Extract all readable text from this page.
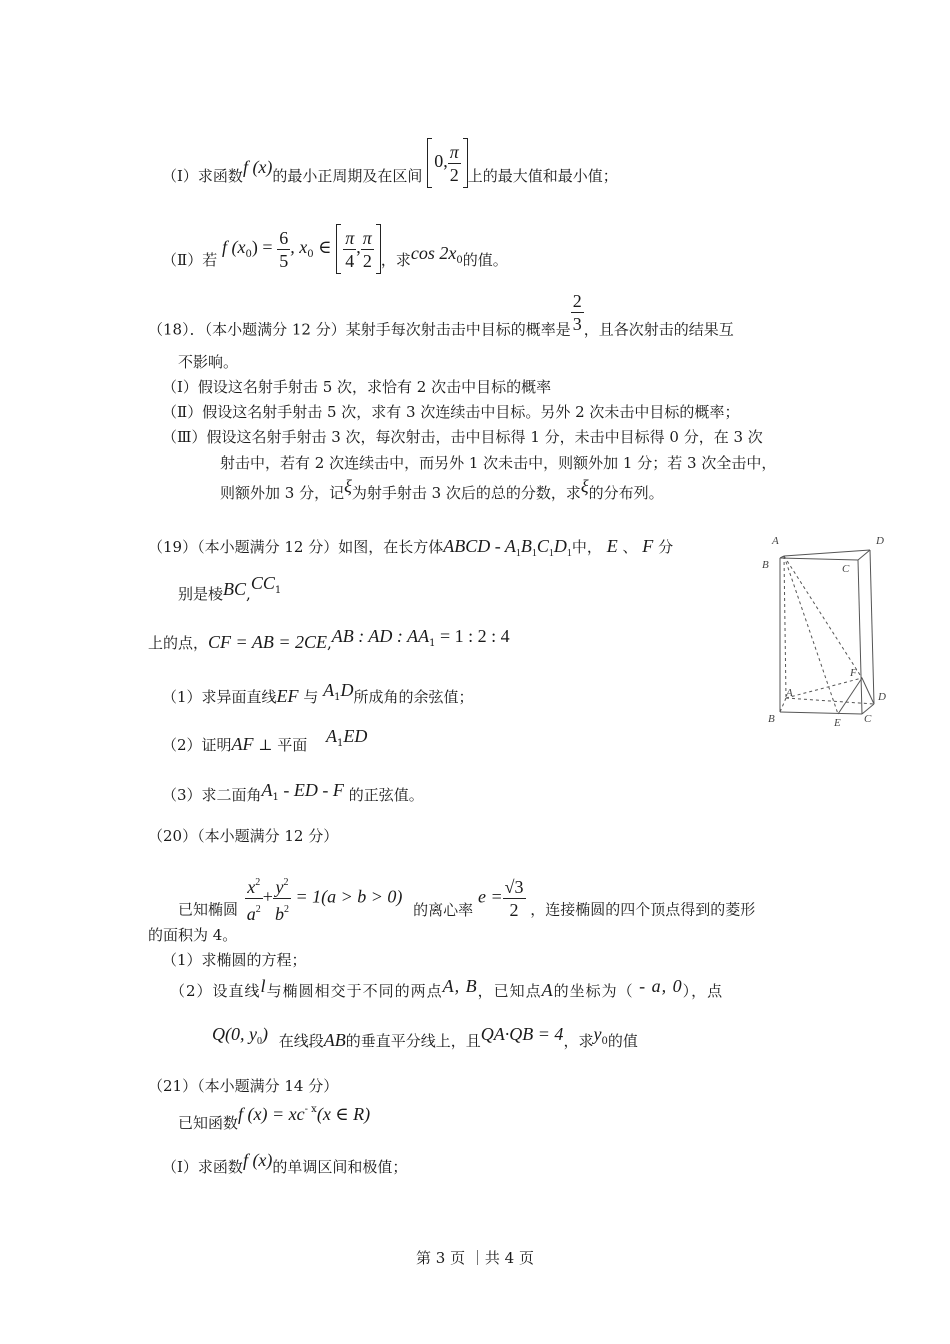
（Ⅰ）求函数f (x)的最小正周期及在区间 0, $\frac{\pi}{2}$ 上的最大值和最小值；
（Ⅱ）若 f $(x_0) = \frac{6}{5}$ , $x_0$ ∈ $\frac{\pi}{4}$ , $\frac{\pi}{2}$ ，求$\cos 2x_0$的值。
（18）．（本小题满分 12 分）某射手每次射击击中目标的概率是 $\frac{2}{3}$ ，且各次射击的结果互
不影响。
（Ⅰ）假设这名射手射击 5 次，求恰有 2 次击中目标的概率
（Ⅱ）假设这名射手射击 5 次，求有 3 次连续击中目标。另外 2 次未击中目标的概率；
（Ⅲ）假设这名射手射击 3 次，每次射击，击中目标得 1 分，未击中目标得 0 分，在 3 次
射击中，若有 2 次连续击中，而另外 1 次未击中，则额外加 1 分；若 3 次全击中，
则额外加 3 分，记ξ为射手射击 3 次后的总的分数，求ξ的分布列。
（19）（本小题满分 12 分）如图，在长方体ABCD - $A_1B_1C_1D_1$中， E 、 F 分
别是棱$BC,CC^1$
上的点，CF = AB = 2CE,AB : AD : $AA_1 = 1$ : 2 : 4
（1）求异面直线EF 与 $A_1D$所成角的余弦值；
（2）证明AF ⊥ 平面 $A_1ED$
（3）求二面角$A_1$ - ED - F 的正弦值。
A	D
B	C
A	D
B	E C
F
（20）（本小题满分 12 分）
已知椭圆 $\frac{x^2}{a^2} + \frac{y^2}{b^2} = 1(a > b > 0)$ 的离心率 $e = \frac{√3}{2}$ ，连接椭圆的四个顶点得到的菱形
的面积为 4。
（1）求椭圆的方程；
（2）设直线l与椭圆相交于不同的两点A, B，已知点A的坐标为（ - a, 0），点
Q(0, $y_0$) 在线段AB的垂直平分线上，且QA·QB = 4，求$y_0$的值
（21）（本小题满分 14 分）
已知函数f $(x) = xc^{- x}(x$ ∈ R)
（Ⅰ）求函数f (x)的单调区间和极值；
第 3 页 ｜共 4 页
